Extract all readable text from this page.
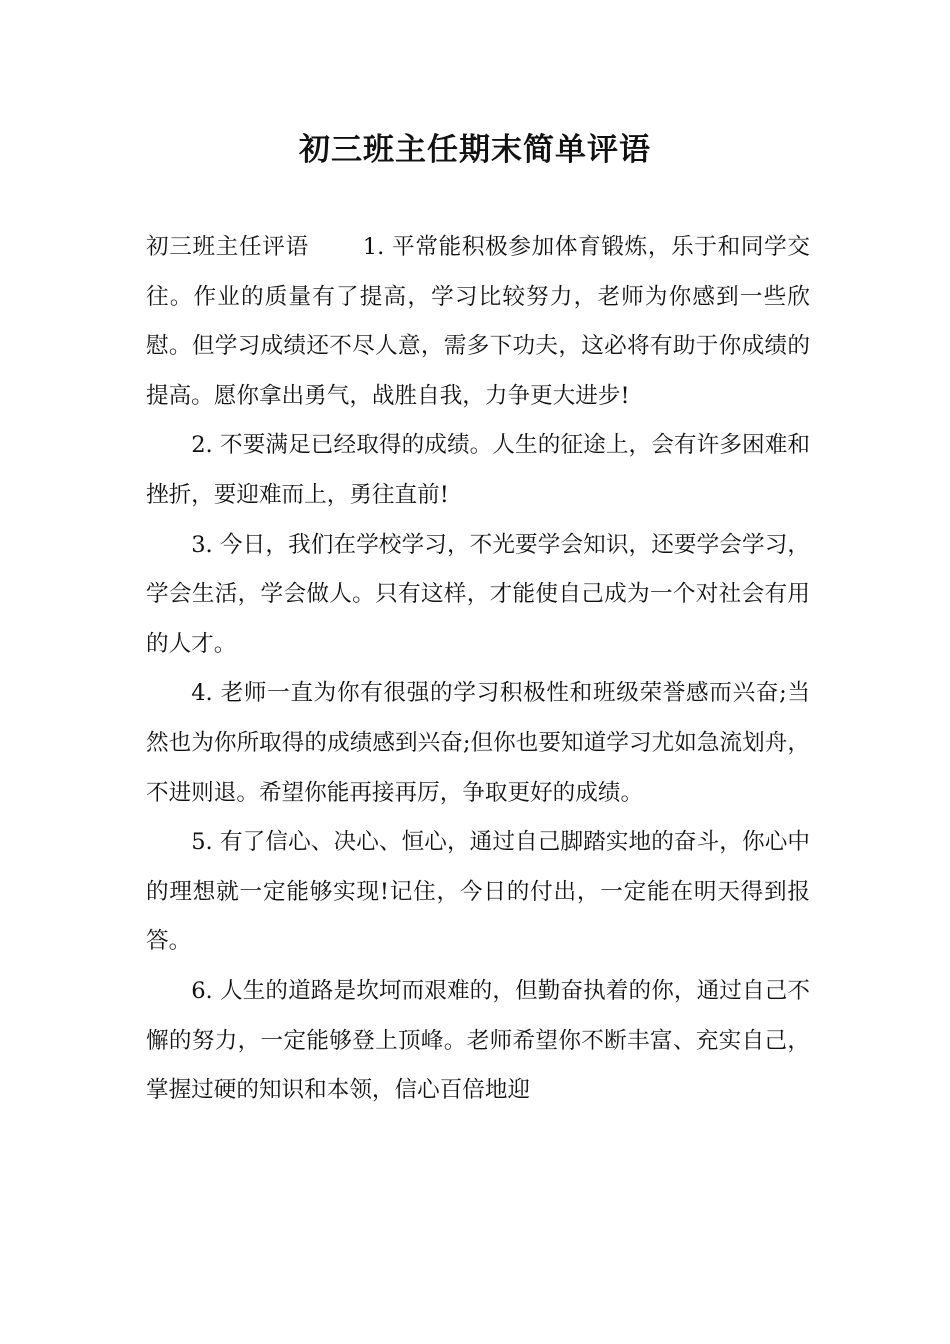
初三班主任期末简单评语

初三班主任评语 1. 平常能积极参加体育锻炼，乐于和同学交往。作业的质量有了提高，学习比较努力，老师为你感到一些欣慰。但学习成绩还不尽人意，需多下功夫，这必将有助于你成绩的提高。愿你拿出勇气，战胜自我，力争更大进步!

2. 不要满足已经取得的成绩。人生的征途上，会有许多困难和挫折，要迎难而上，勇往直前!

3. 今日，我们在学校学习，不光要学会知识，还要学会学习，学会生活，学会做人。只有这样，才能使自己成为一个对社会有用的人才。

4. 老师一直为你有很强的学习积极性和班级荣誉感而兴奋;当然也为你所取得的成绩感到兴奋;但你也要知道学习尤如急流划舟，不进则退。希望你能再接再厉，争取更好的成绩。

5. 有了信心、决心、恒心，通过自己脚踏实地的奋斗，你心中的理想就一定能够实现!记住，今日的付出，一定能在明天得到报答。

6. 人生的道路是坎坷而艰难的，但勤奋执着的你，通过自己不懈的努力，一定能够登上顶峰。老师希望你不断丰富、充实自己，掌握过硬的知识和本领，信心百倍地迎
